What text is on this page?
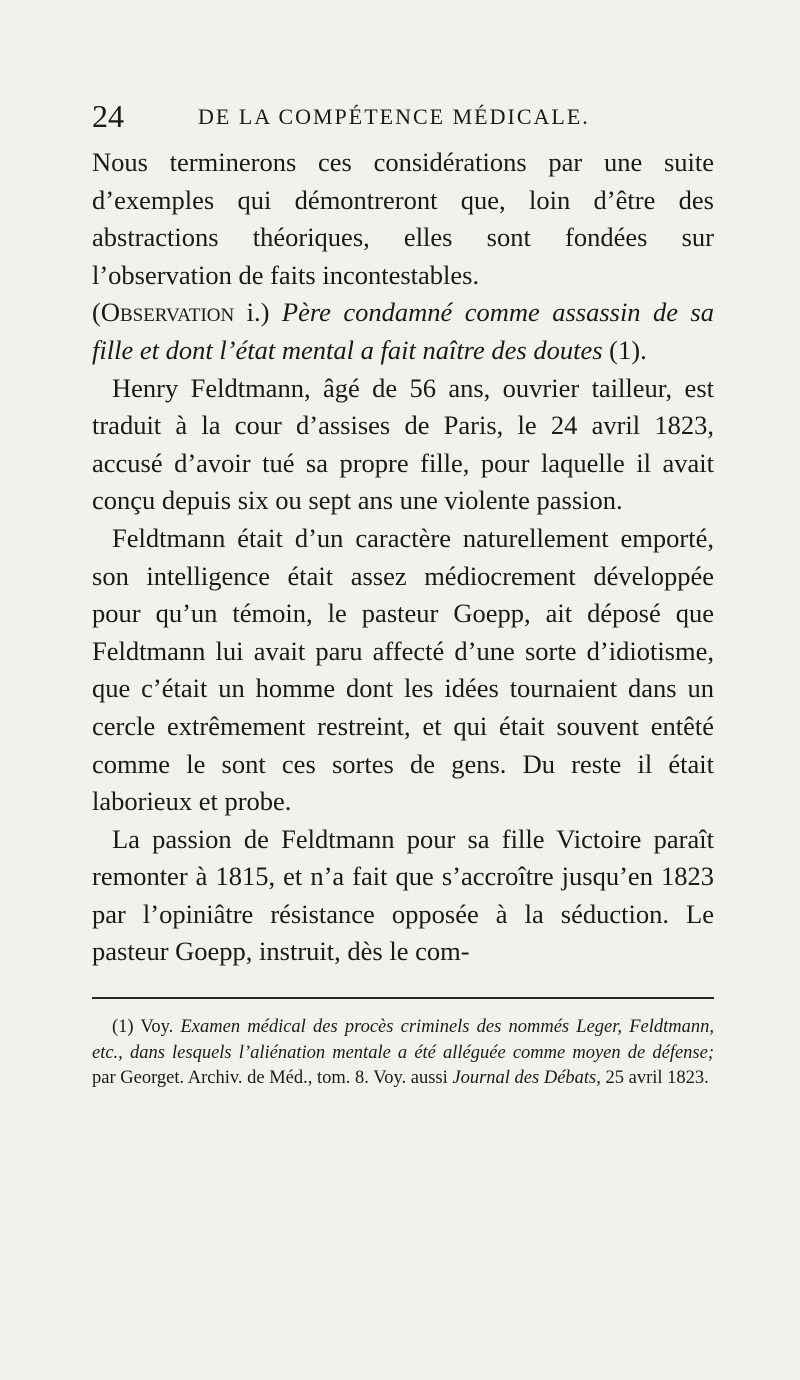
24	DE LA COMPÉTENCE MÉDICALE.

Nous terminerons ces considérations par une suite d’exemples qui démontreront que, loin d’être des abstractions théoriques, elles sont fondées sur l’observation de faits incontestables.

(Observation i.) Père condamné comme assassin de sa fille et dont l’état mental a fait naître des doutes (1).

Henry Feldtmann, âgé de 56 ans, ouvrier tailleur, est traduit à la cour d’assises de Paris, le 24 avril 1823, accusé d’avoir tué sa propre fille, pour laquelle il avait conçu depuis six ou sept ans une violente passion.

Feldtmann était d’un caractère naturellement emporté, son intelligence était assez médiocrement développée pour qu’un témoin, le pasteur Goepp, ait déposé que Feldtmann lui avait paru affecté d’une sorte d’idiotisme, que c’était un homme dont les idées tournaient dans un cercle extrêmement restreint, et qui était souvent entêté comme le sont ces sortes de gens. Du reste il était laborieux et probe.

La passion de Feldtmann pour sa fille Victoire paraît remonter à 1815, et n’a fait que s’accroître jusqu’en 1823 par l’opiniâtre résistance opposée à la séduction. Le pasteur Goepp, instruit, dès le com-

(1) Voy. Examen médical des procès criminels des nommés Leger, Feldtmann, etc., dans lesquels l’aliénation mentale a été alléguée comme moyen de défense; par Georget. Archiv. de Méd., tom. 8. Voy. aussi Journal des Débats, 25 avril 1823.
